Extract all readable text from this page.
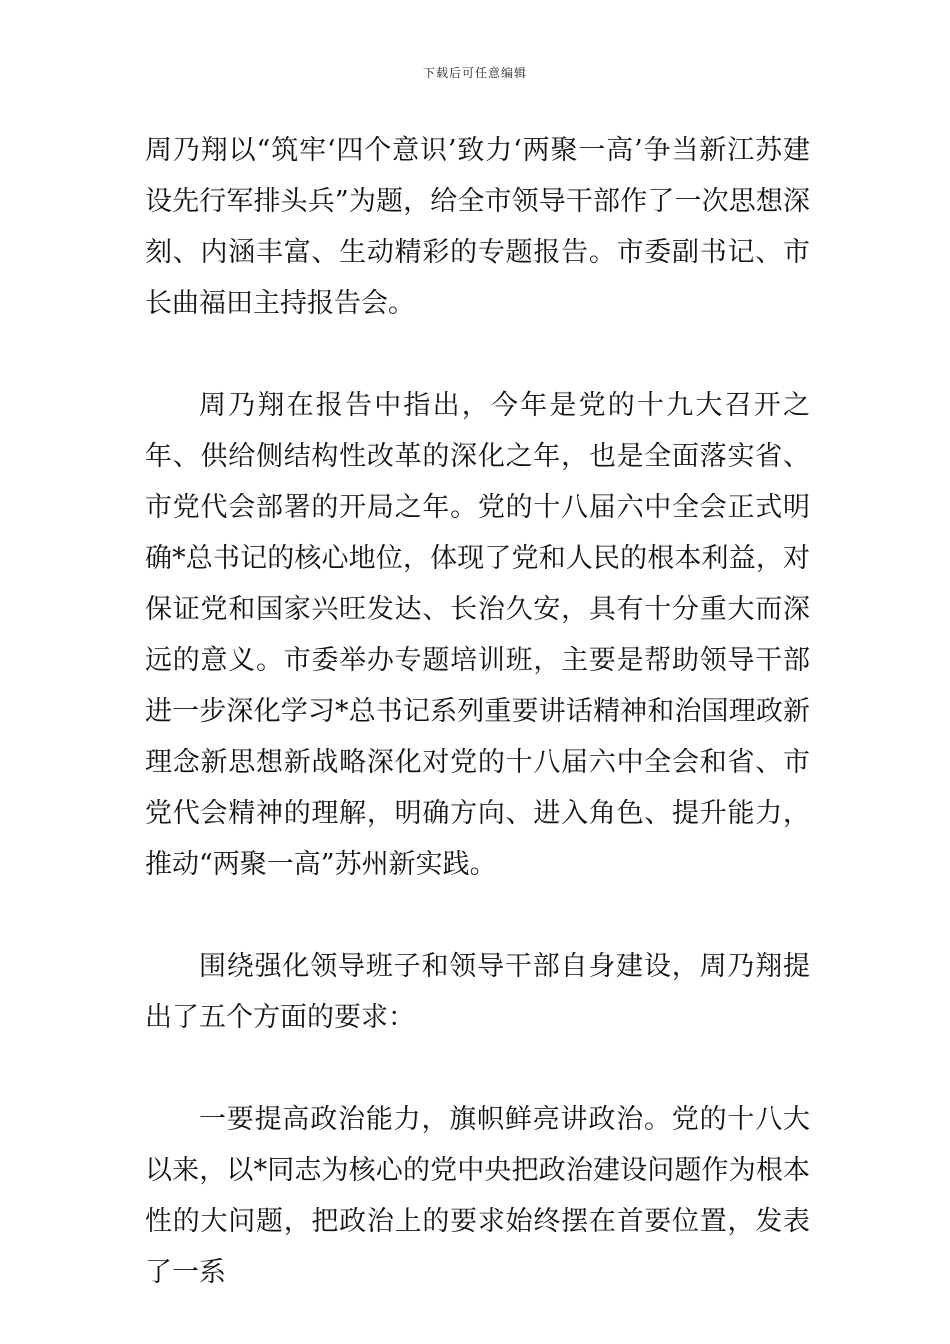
下载后可任意编辑

周乃翔以“筑牢‘四个意识’致力‘两聚一高’争当新江苏建设先行军排头兵”为题，给全市领导干部作了一次思想深刻、内涵丰富、生动精彩的专题报告。市委副书记、市长曲福田主持报告会。

周乃翔在报告中指出，今年是党的十九大召开之年、供给侧结构性改革的深化之年，也是全面落实省、市党代会部署的开局之年。党的十八届六中全会正式明确*总书记的核心地位，体现了党和人民的根本利益，对保证党和国家兴旺发达、长治久安，具有十分重大而深远的意义。市委举办专题培训班，主要是帮助领导干部进一步深化学习*总书记系列重要讲话精神和治国理政新理念新思想新战略深化对党的十八届六中全会和省、市党代会精神的理解，明确方向、进入角色、提升能力，推动“两聚一高”苏州新实践。

围绕强化领导班子和领导干部自身建设，周乃翔提出了五个方面的要求：

一要提高政治能力，旗帜鲜亮讲政治。党的十八大以来，以*同志为核心的党中央把政治建设问题作为根本性的大问题，把政治上的要求始终摆在首要位置，发表了一系
